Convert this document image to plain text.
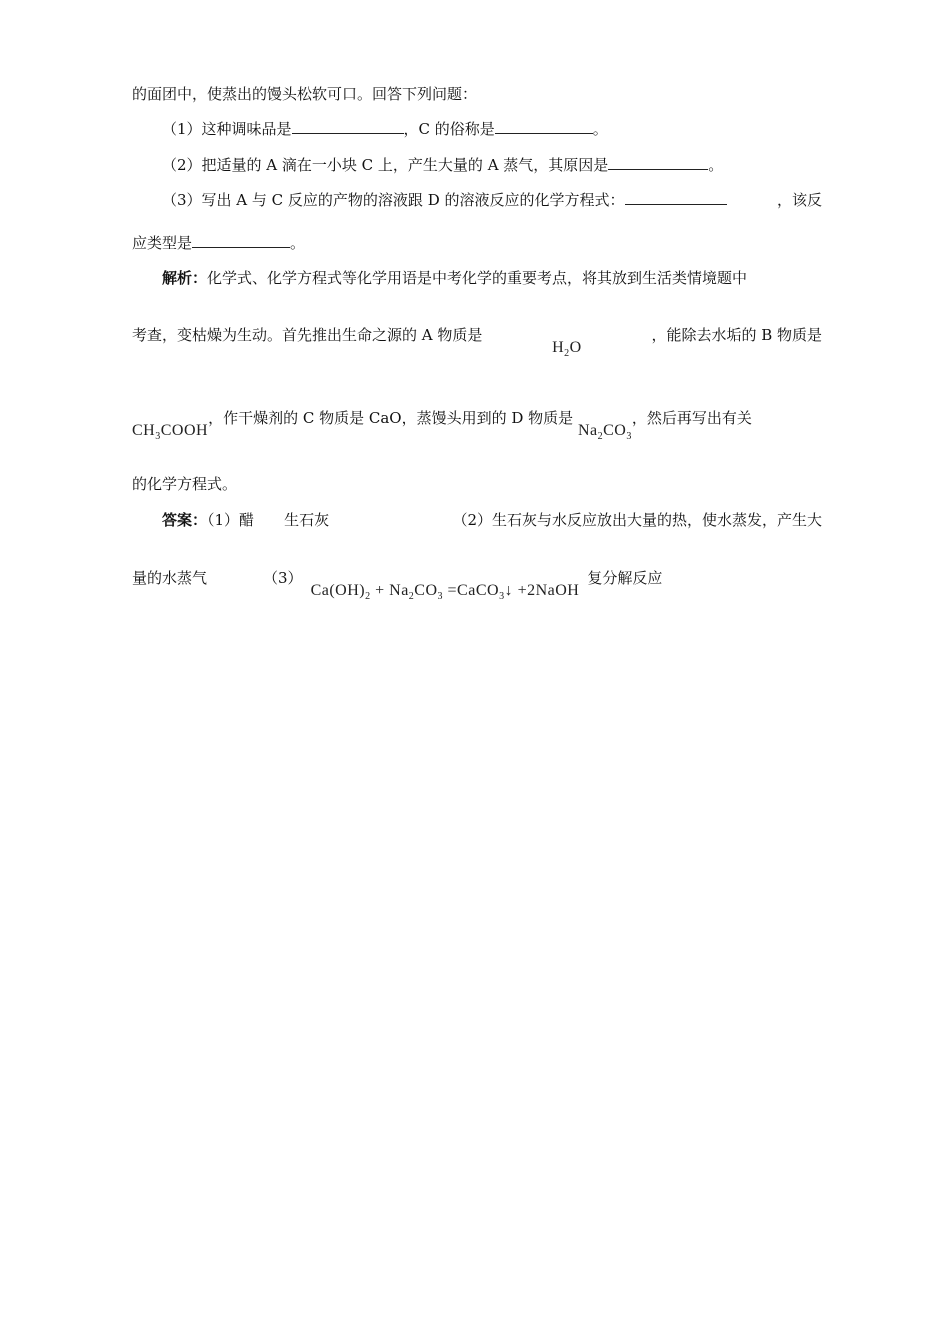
的面团中，使蒸出的馒头松软可口。回答下列问题：
（1）这种调味品是	，C 的俗称是	。
（2）把适量的 A 滴在一小块 C 上，产生大量的 A 蒸气，其原因是	。
（3）写出 A 与 C 反应的产物的溶液跟 D 的溶液反应的化学方程式：	，该反
应类型是	。
解析：化学式、化学方程式等化学用语是中考化学的重要考点，将其放到生活类情境题中
考查，变枯燥为生动。首先推出生命之源的 A 物质是
$H_2O$
，能除去水垢的 B 物质是
$CH_3COOH$，作干燥剂的 C 物质是 CaO，蒸馒头用到的 D 物质是 $Na_2CO_3$，然后再写出有关
的化学方程式。
答案：（1）醋 生石灰	（2）生石灰与水反应放出大量的热，使水蒸发，产生大
量的水蒸气	$(3)Ca(OH)_2 + Na_2CO_3$ =CaCO$_3$↓ +2NaOH复分解反应
